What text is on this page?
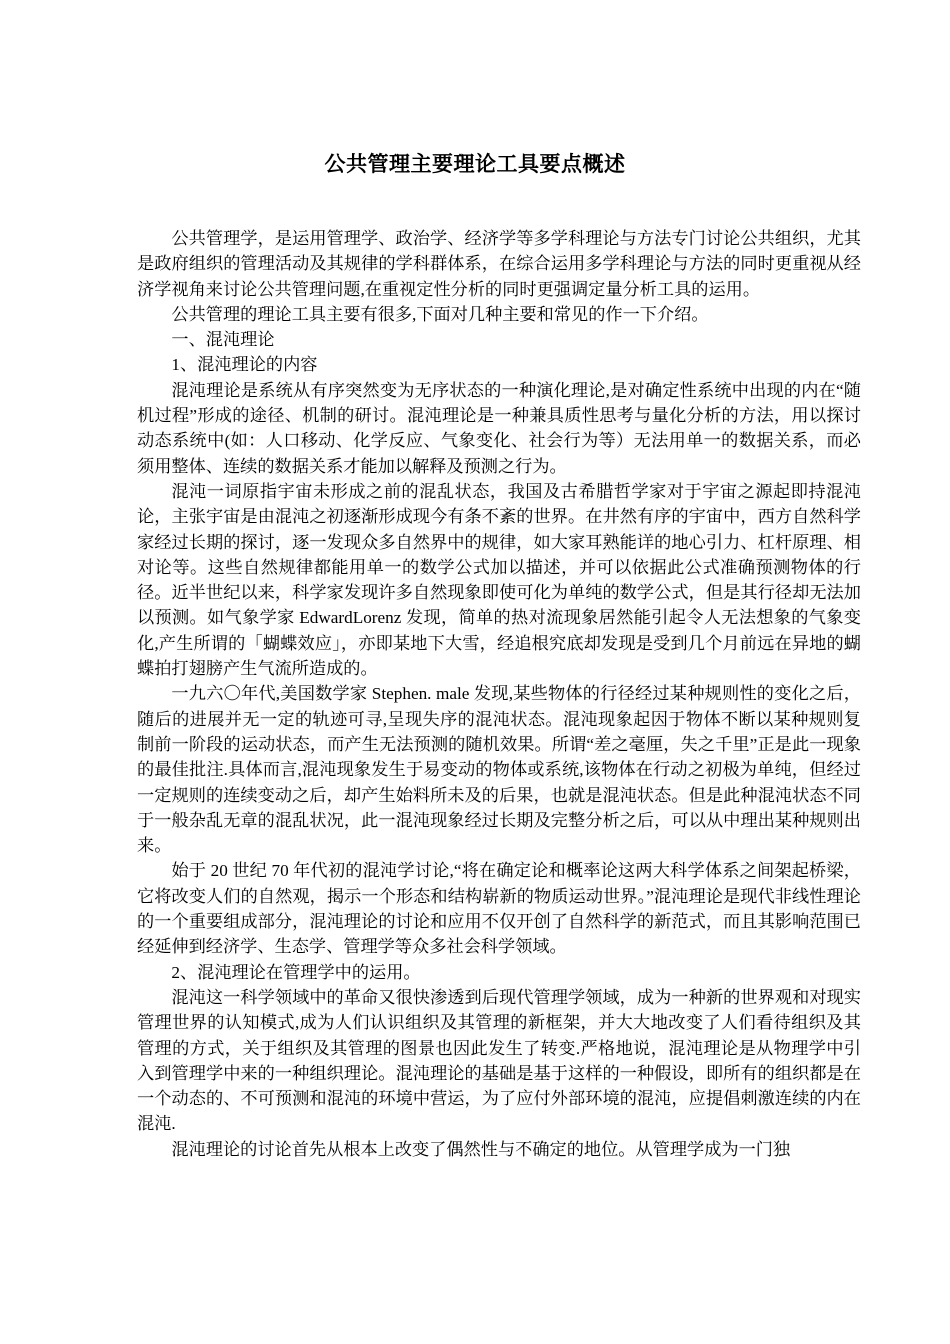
公共管理主要理论工具要点概述

公共管理学，是运用管理学、政治学、经济学等多学科理论与方法专门讨论公共组织，尤其是政府组织的管理活动及其规律的学科群体系，在综合运用多学科理论与方法的同时更重视从经济学视角来讨论公共管理问题,在重视定性分析的同时更强调定量分析工具的运用。

公共管理的理论工具主要有很多,下面对几种主要和常见的作一下介绍。

一、混沌理论

1、混沌理论的内容

混沌理论是系统从有序突然变为无序状态的一种演化理论,是对确定性系统中出现的内在“随机过程”形成的途径、机制的研讨。混沌理论是一种兼具质性思考与量化分析的方法，用以探讨动态系统中(如：人口移动、化学反应、气象变化、社会行为等）无法用单一的数据关系，而必须用整体、连续的数据关系才能加以解释及预测之行为。

混沌一词原指宇宙未形成之前的混乱状态，我国及古希腊哲学家对于宇宙之源起即持混沌论，主张宇宙是由混沌之初逐渐形成现今有条不紊的世界。在井然有序的宇宙中，西方自然科学家经过长期的探讨，逐一发现众多自然界中的规律，如大家耳熟能详的地心引力、杠杆原理、相对论等。这些自然规律都能用单一的数学公式加以描述，并可以依据此公式准确预测物体的行径。近半世纪以来，科学家发现许多自然现象即使可化为单纯的数学公式，但是其行径却无法加以预测。如气象学家 EdwardLorenz 发现，简单的热对流现象居然能引起令人无法想象的气象变化,产生所谓的「蝴蝶效应」，亦即某地下大雪，经追根究底却发现是受到几个月前远在异地的蝴蝶拍打翅膀产生气流所造成的。

一九六〇年代,美国数学家 Stephen. male 发现,某些物体的行径经过某种规则性的变化之后，随后的进展并无一定的轨迹可寻,呈现失序的混沌状态。混沌现象起因于物体不断以某种规则复制前一阶段的运动状态，而产生无法预测的随机效果。所谓“差之毫厘，失之千里”正是此一现象的最佳批注.具体而言,混沌现象发生于易变动的物体或系统,该物体在行动之初极为单纯，但经过一定规则的连续变动之后，却产生始料所未及的后果，也就是混沌状态。但是此种混沌状态不同于一般杂乱无章的混乱状况，此一混沌现象经过长期及完整分析之后，可以从中理出某种规则出来。

始于 20 世纪 70 年代初的混沌学讨论,“将在确定论和概率论这两大科学体系之间架起桥梁，它将改变人们的自然观，揭示一个形态和结构崭新的物质运动世界。”混沌理论是现代非线性理论的一个重要组成部分，混沌理论的讨论和应用不仅开创了自然科学的新范式，而且其影响范围已经延伸到经济学、生态学、管理学等众多社会科学领域。

2、混沌理论在管理学中的运用。

混沌这一科学领域中的革命又很快渗透到后现代管理学领域，成为一种新的世界观和对现实管理世界的认知模式,成为人们认识组织及其管理的新框架，并大大地改变了人们看待组织及其管理的方式，关于组织及其管理的图景也因此发生了转变.严格地说，混沌理论是从物理学中引入到管理学中来的一种组织理论。混沌理论的基础是基于这样的一种假设，即所有的组织都是在一个动态的、不可预测和混沌的环境中营运，为了应付外部环境的混沌，应提倡刺激连续的内在混沌.

混沌理论的讨论首先从根本上改变了偶然性与不确定的地位。从管理学成为一门独
